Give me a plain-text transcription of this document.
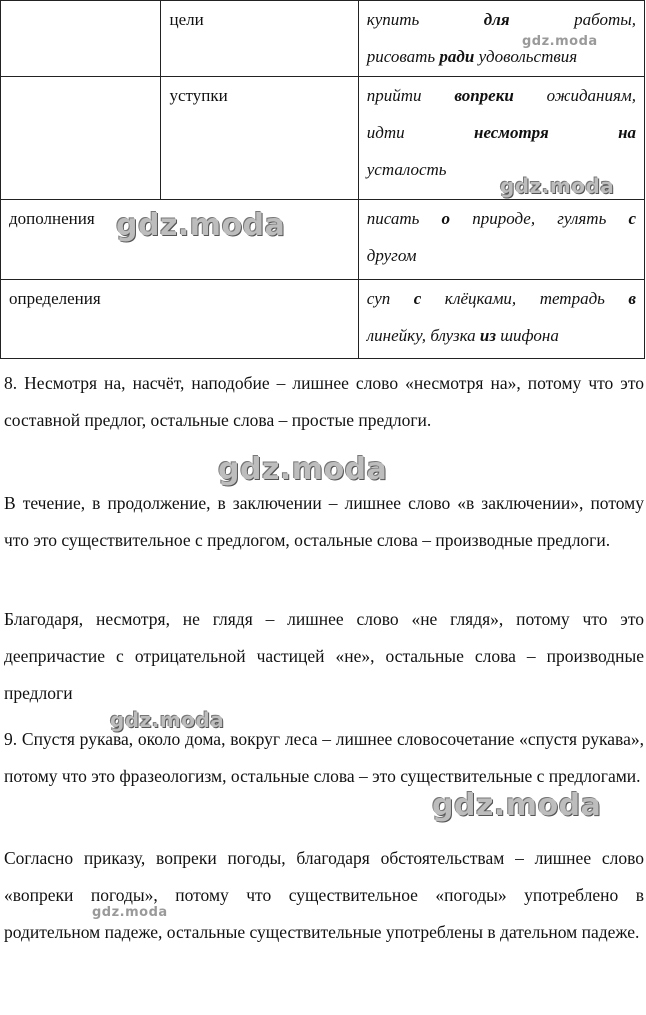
	цели	купить для работы,
рисовать ради удовольствия

	уступки	прийти вопреки ожиданиям,
идти несмотря на
усталость

дополнения		писать о природе, гулять с
другом

определения		суп с клёцками, тетрадь в
линейку, блузка из шифона

8. Несмотря на, насчёт, наподобие – лишнее слово «несмотря на», потому что это составной предлог, остальные слова – простые предлоги.

В течение, в продолжение, в заключении – лишнее слово «в заключении», потому что это существительное с предлогом, остальные слова – производные предлоги.

Благодаря, несмотря, не глядя – лишнее слово «не глядя», потому что это деепричастие с отрицательной частицей «не», остальные слова – производные предлоги

9. Спустя рукава, около дома, вокруг леса – лишнее словосочетание «спустя рукава», потому что это фразеологизм, остальные слова – это существительные с предлогами.

Согласно приказу, вопреки погоды, благодаря обстоятельствам – лишнее слово «вопреки погоды», потому что существительное «погоды» употреблено в родительном падеже, остальные существительные употреблены в дательном падеже.

gdz.moda
gdz.moda
gdz.moda
gdz.moda
gdz.moda
gdz.moda
gdz.moda
